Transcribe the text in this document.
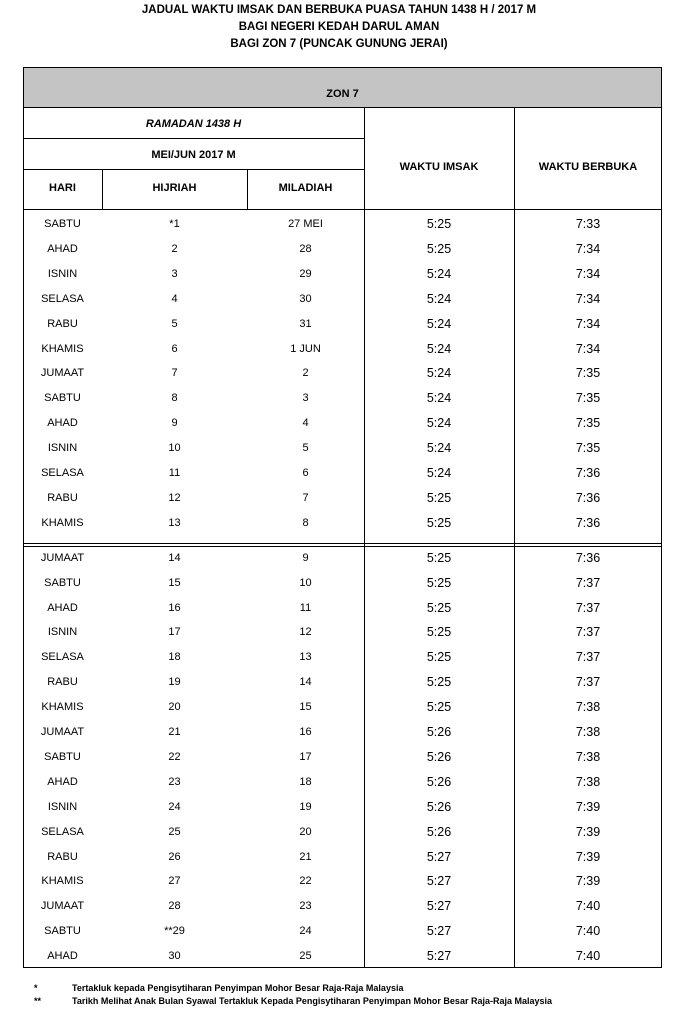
JADUAL WAKTU IMSAK DAN BERBUKA PUASA TAHUN 1438 H / 2017 M
BAGI NEGERI KEDAH DARUL AMAN
BAGI ZON 7 (PUNCAK GUNUNG JERAI)
ZON 7
RAMADAN 1438 H
MEI/JUN 2017 M
HARI	HIJRIAH	MILADIAH
WAKTU IMSAK	WAKTU BERBUKA
SABTU	*1	27 MEI	5:25	7:33
AHAD	2	28	5:25	7:34
ISNIN	3	29	5:24	7:34
SELASA	4	30	5:24	7:34
RABU	5	31	5:24	7:34
KHAMIS	6	1 JUN	5:24	7:34
JUMAAT	7	2	5:24	7:35
SABTU	8	3	5:24	7:35
AHAD	9	4	5:24	7:35
ISNIN	10	5	5:24	7:35
SELASA	11	6	5:24	7:36
RABU	12	7	5:25	7:36
KHAMIS	13	8	5:25	7:36
JUMAAT	14	9	5:25	7:36
SABTU	15	10	5:25	7:37
AHAD	16	11	5:25	7:37
ISNIN	17	12	5:25	7:37
SELASA	18	13	5:25	7:37
RABU	19	14	5:25	7:37
KHAMIS	20	15	5:25	7:38
JUMAAT	21	16	5:26	7:38
SABTU	22	17	5:26	7:38
AHAD	23	18	5:26	7:38
ISNIN	24	19	5:26	7:39
SELASA	25	20	5:26	7:39
RABU	26	21	5:27	7:39
KHAMIS	27	22	5:27	7:39
JUMAAT	28	23	5:27	7:40
SABTU	**29	24	5:27	7:40
AHAD	30	25	5:27	7:40
*	Tertakluk kepada Pengisytiharan Penyimpan Mohor Besar Raja-Raja Malaysia
**	Tarikh Melihat Anak Bulan Syawal Tertakluk Kepada Pengisytiharan Penyimpan Mohor Besar Raja-Raja Malaysia
